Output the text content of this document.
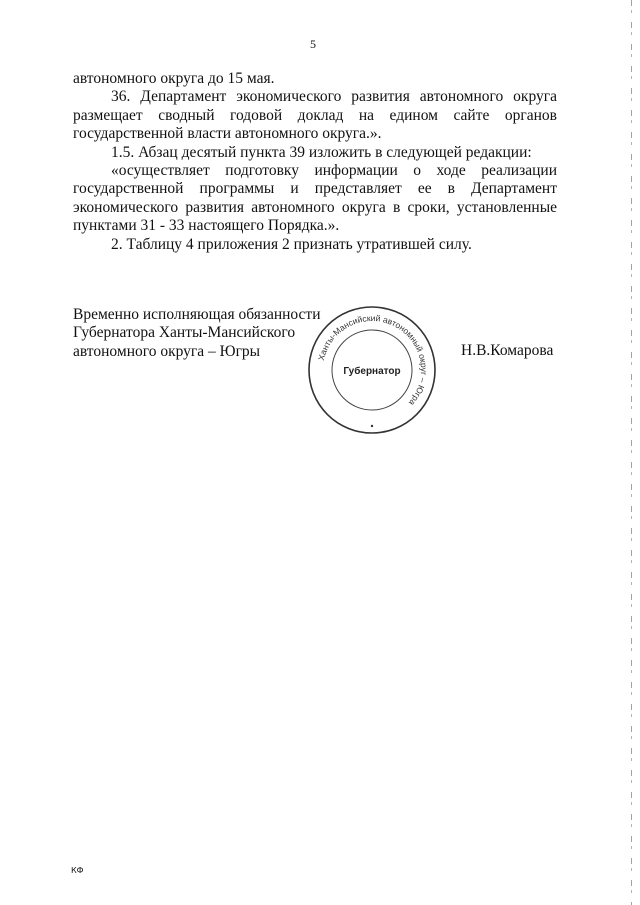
5
автономного округа до 15 мая.
36. Департамент экономического развития автономного округа
размещает сводный годовой доклад на едином сайте органов
государственной власти автономного округа.».
1.5. Абзац десятый пункта 39 изложить в следующей редакции:
«осуществляет подготовку информации о ходе реализации
государственной программы и представляет ее в Департамент
экономического развития автономного округа в сроки, установленные
пунктами 31 - 33 настоящего Порядка.».
2. Таблицу 4 приложения 2 признать утратившей силу.
Временно исполняющая обязанности
Губернатора Ханты-Мансийского
автономного округа – Югры	Ханты-Мансийский автономный округ – Югра
Губернатор
Н.В.Комарова
КФ
